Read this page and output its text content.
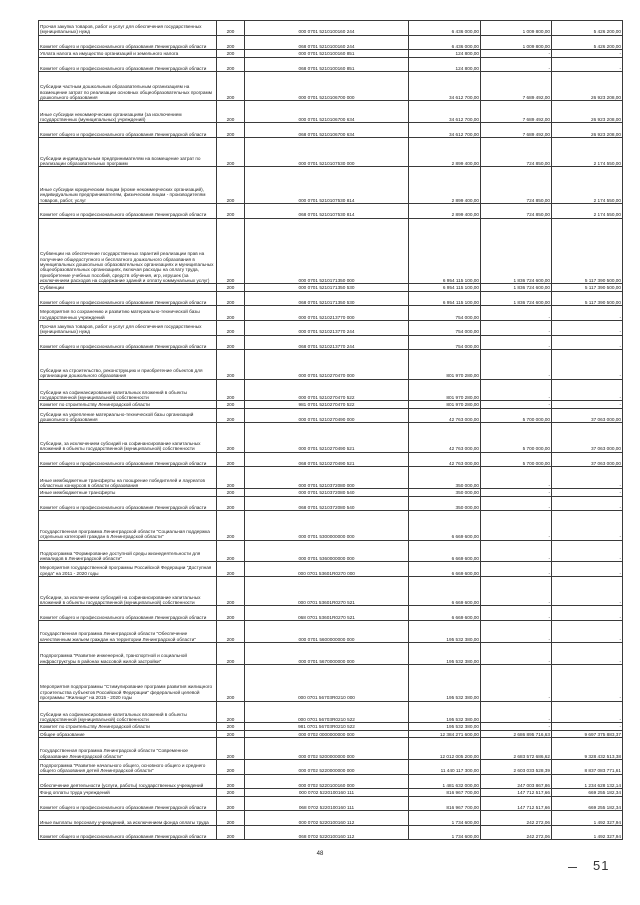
Прочая закупка товаров, работ и услуг для обеспечения государственных (муниципальных) нужд	200	000 0701 5210100160 244	6 436 000,00	1 009 800,00	5 426 200,00
Комитет общего и профессионального образования Ленинградской области	200	068 0701 5210100160 244	6 436 000,00	1 009 800,00	5 426 200,00
Уплата налога на имущество организаций и земельного налога	200	000 0701 5210100160 851	124 800,00	-	-
Комитет общего и профессионального образования Ленинградской области	200	068 0701 5210100160 851	124 800,00	-	-
Субсидии частным дошкольным образовательным организациям на возмещение затрат по реализации основных общеобразовательных программ дошкольного образования	200	000 0701 5210106700 000	34 612 700,00	7 689 492,00	26 923 208,00
Иные субсидии некоммерческим организациям (за исключением государственных (муниципальных) учреждений)	200	000 0701 5210106700 634	34 612 700,00	7 689 492,00	26 923 208,00
Комитет общего и профессионального образования Ленинградской области	200	068 0701 5210106700 634	34 612 700,00	7 689 492,00	26 923 208,00
Субсидии индивидуальным предпринимателям на возмещение затрат по реализации образовательных программ	200	000 0701 5210107530 000	2 899 400,00	724 850,00	2 174 550,00
Иные субсидии юридическим лицам (кроме некоммерческих организаций), индивидуальным предпринимателям, физическим лицам - производителям товаров, работ, услуг	200	000 0701 5210107530 814	2 899 400,00	724 850,00	2 174 550,00
Комитет общего и профессионального образования Ленинградской области	200	068 0701 5210107530 814	2 899 400,00	724 850,00	2 174 550,00
Субвенции на обеспечение государственных гарантий реализации прав на получение общедоступного и бесплатного дошкольного образования в муниципальных дошкольных образовательных организациях и муниципальных общеобразовательных организациях, включая расходы на оплату труда, приобретение учебных пособий, средств обучения, игр, игрушек (за исключением расходов на содержание зданий и оплату коммунальных услуг)	200	000 0701 5210171350 000	6 954 115 100,00	1 836 724 600,00	5 117 390 500,00
Субвенции	200	000 0701 5210171350 530	6 954 115 100,00	1 836 724 600,00	5 117 390 500,00
Комитет общего и профессионального образования Ленинградской области	200	068 0701 5210171350 530	6 954 115 100,00	1 836 724 600,00	5 117 390 500,00
Мероприятия по сохранению и развитию материально-технической базы государственных учреждений	200	000 0701 5210213770 000	754 000,00	-	-
Прочая закупка товаров, работ и услуг для обеспечения государственных (муниципальных) нужд	200	000 0701 5210213770 244	754 000,00	-	-
Комитет общего и профессионального образования Ленинградской области	200	068 0701 5210213770 244	754 000,00	-	-
Субсидии на строительство, реконструкцию и приобретение объектов для организации дошкольного образования	200	000 0701 5210270470 000	801 970 280,00	-	-
Субсидии на софинансирование капитальных вложений в объекты государственной (муниципальной) собственности	200	000 0701 5210270470 522	801 970 280,00	-	-
Комитет по строительству Ленинградской области	200	981 0701 5210270470 522	801 970 280,00	-	-
Субсидии на укрепление материально-технической базы организаций дошкольного образования	200	000 0701 5210270490 000	42 763 000,00	5 700 000,00	37 063 000,00
Субсидии, за исключением субсидий на софинансирование капитальных вложений в объекты государственной (муниципальной) собственности	200	000 0701 5210270490 521	42 763 000,00	5 700 000,00	37 063 000,00
Комитет общего и профессионального образования Ленинградской области	200	068 0701 5210270490 521	42 763 000,00	5 700 000,00	37 063 000,00
Иные межбюджетные трансферты на поощрение победителей и лауреатов областных конкурсов в области образования	200	000 0701 5210372080 000	350 000,00	-	-
Иные межбюджетные трансферты	200	000 0701 5210372080 540	350 000,00	-	-
Комитет общего и профессионального образования Ленинградской области	200	068 0701 5210372080 540	350 000,00	-	-
Государственная программа Ленинградской области "Социальная поддержка отдельных категорий граждан в Ленинградской области"	200	000 0701 5300000000 000	6 669 600,00	-	-
Подпрограмма "Формирование доступной среды жизнедеятельности для инвалидов в Ленинградской области"	200	000 0701 5360000000 000	6 669 600,00	-	-
Мероприятия государственной программы Российской Федерации "Доступная среда" на 2011 - 2020 годы	200	000 0701 53601R0270 000	6 669 600,00	-	-
Субсидии, за исключением субсидий на софинансирование капитальных вложений в объекты государственной (муниципальной) собственности	200	000 0701 53601R0270 521	6 669 600,00	-	-
Комитет общего и профессионального образования Ленинградской области	200	068 0701 53601R0270 521	6 669 600,00	-	-
Государственная программа Ленинградской области "Обеспечение качественным жильем граждан на территории Ленинградской области"	200	000 0701 5600000000 000	195 532 380,00	-	-
Подпрограмма "Развитие инженерной, транспортной и социальной инфраструктуры в районах массовой жилой застройки"	200	000 0701 5670000000 000	195 532 380,00	-	-
Мероприятия подпрограммы "Стимулирование программ развития жилищного строительства субъектов Российской Федерации" федеральной целевой программы "Жилище" на 2015 - 2020 годы	200	000 0701 56703R0210 000	195 532 380,00	-	-
Субсидии на софинансирование капитальных вложений в объекты государственной (муниципальной) собственности	200	000 0701 56703R0210 522	195 532 380,00	-	-
Комитет по строительству Ленинградской области	200	981 0701 56703R0210 522	195 532 380,00	-	-
Общее образование	200	000 0702 0000000000 000	12 384 271 600,00	2 686 895 716,63	9 697 375 883,37
Государственная программа Ленинградской области "Современное образование Ленинградской области"	200	000 0702 5200000000 000	12 012 005 200,00	2 683 572 686,62	9 328 432 513,38
Подпрограмма "Развитие начального общего, основного общего и среднего общего образования детей Ленинградской области"	200	000 0702 5220000000 000	11 440 117 300,00	2 603 033 528,39	8 837 083 771,61
Обеспечение деятельности (услуги, работы) государственных учреждений	200	000 0702 5220100160 000	1 481 632 000,00	247 003 867,86	1 234 628 132,14
Фонд оплаты труда учреждений	200	000 0702 5220100160 111	816 967 700,00	147 712 517,66	669 255 182,34
Комитет общего и профессионального образования Ленинградской области	200	068 0702 5220100160 111	816 967 700,00	147 712 517,66	669 255 182,34
Иные выплаты персоналу учреждений, за исключением фонда оплаты труда	200	000 0702 5220100160 112	1 734 600,00	242 272,06	1 492 327,94
Комитет общего и профессионального образования Ленинградской области	200	068 0702 5220100160 112	1 734 600,00	242 272,06	1 492 327,94
48
51
